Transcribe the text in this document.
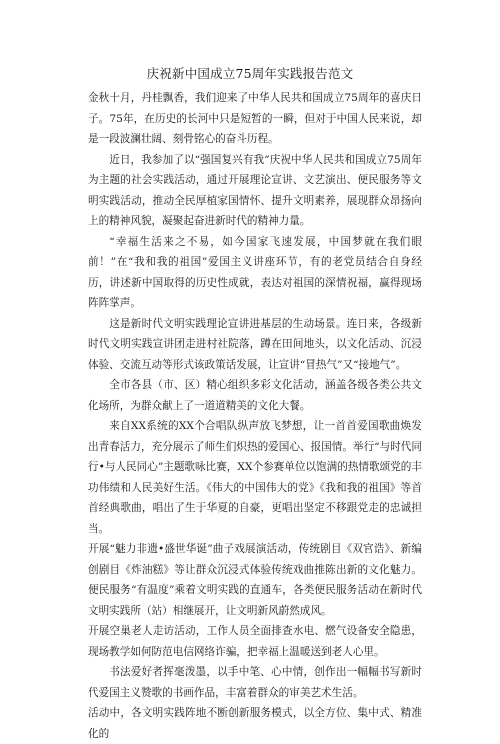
庆祝新中国成立75周年实践报告范文

金秋十月，丹桂飘香，我们迎来了中华人民共和国成立75周年的喜庆日子。75年，在历史的长河中只是短暂的一瞬，但对于中国人民来说，却是一段波澜壮阔、刻骨铭心的奋斗历程。

近日，我参加了以“强国复兴有我”庆祝中华人民共和国成立75周年为主题的社会实践活动，通过开展理论宣讲、文艺演出、便民服务等文明实践活动，推动全民厚植家国情怀、提升文明素养，展现群众昂扬向上的精神风貌，凝聚起奋进新时代的精神力量。

“幸福生活来之不易，如今国家飞速发展，中国梦就在我们眼前！”在“我和我的祖国”爱国主义讲座环节，有的老党员结合自身经历，讲述新中国取得的历史性成就，表达对祖国的深情祝福，赢得现场阵阵掌声。

这是新时代文明实践理论宣讲进基层的生动场景。连日来，各级新时代文明实践宣讲团走进村社院落，蹲在田间地头，以文化活动、沉浸体验、交流互动等形式该政策话发展，让宣讲“冒热气”又“接地气”。

全市各县（市、区）精心组织多彩文化活动，涵盖各级各类公共文化场所，为群众献上了一道道精美的文化大餐。

来自XX系统的XX个合唱队纵声放飞梦想，让一首首爱国歌曲焕发出青春活力，充分展示了师生们炽热的爱国心、报国情。举行“与时代同行•与人民同心”主题歌咏比赛，XX个参赛单位以饱满的热情歌颂党的丰功伟绩和人民美好生活。《伟大的中国伟大的党》《我和我的祖国》等首首经典歌曲，唱出了生于华夏的自豪，更唱出坚定不移跟党走的忠诚担当。

开展“魅力非遗•盛世华诞”曲子戏展演活动，传统剧目《双官诰》、新编创剧目《炸油糕》等让群众沉浸式体验传统戏曲推陈出新的文化魅力。便民服务“有温度”乘着文明实践的直通车，各类便民服务活动在新时代文明实践所（站）相继展开，让文明新风蔚然成风。

开展空巢老人走访活动，工作人员全面排查水电、燃气设备安全隐患，现场教学如何防范电信网络诈骗，把幸福上温暖送到老人心里。

书法爱好者挥毫泼墨，以手中笔、心中情，创作出一幅幅书写新时代爱国主义赞歌的书画作品，丰富着群众的审美艺术生活。

活动中，各文明实践阵地不断创新服务模式，以全方位、集中式、精准化的
